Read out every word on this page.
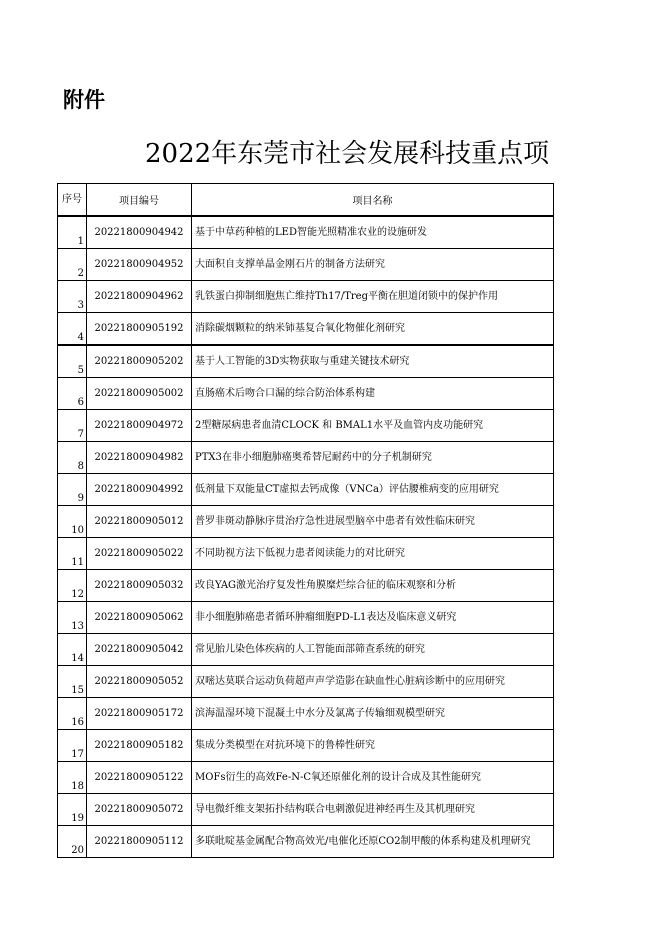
附件
2022年东莞市社会发展科技重点项
序号	项目编号	项目名称
1	20221800904942	基于中草药种植的LED智能光照精准农业的设施研发
2	20221800904952	大面积自支撑单晶金刚石片的制备方法研究
3	20221800904962	乳铁蛋白抑制细胞焦亡维持Th17/Treg平衡在胆道闭锁中的保护作用
4	20221800905192	消除碳烟颗粒的纳米铈基复合氧化物催化剂研究
5	20221800905202	基于人工智能的3D实物获取与重建关键技术研究
6	20221800905002	直肠癌术后吻合口漏的综合防治体系构建
7	20221800904972	2型糖尿病患者血清CLOCK 和 BMAL1水平及血管内皮功能研究
8	20221800904982	PTX3在非小细胞肺癌奥希替尼耐药中的分子机制研究
9	20221800904992	低剂量下双能量CT虚拟去钙成像（VNCa）评估腰椎病变的应用研究
10	20221800905012	普罗非斑动静脉序贯治疗急性进展型脑卒中患者有效性临床研究
11	20221800905022	不同助视方法下低视力患者阅读能力的对比研究
12	20221800905032	改良YAG激光治疗复发性角膜糜烂综合征的临床观察和分析
13	20221800905062	非小细胞肺癌患者循环肿瘤细胞PD-L1表达及临床意义研究
14	20221800905042	常见胎儿染色体疾病的人工智能面部筛查系统的研究
15	20221800905052	双嘧达莫联合运动负荷超声声学造影在缺血性心脏病诊断中的应用研究
16	20221800905172	滨海温湿环境下混凝土中水分及氯离子传输细观模型研究
17	20221800905182	集成分类模型在对抗环境下的鲁棒性研究
18	20221800905122	MOFs衍生的高效Fe-N-C氧还原催化剂的设计合成及其性能研究
19	20221800905072	导电微纤维支架拓扑结构联合电刺激促进神经再生及其机理研究
20	20221800905112	多联吡啶基金属配合物高效光/电催化还原CO2制甲酸的体系构建及机理研究
